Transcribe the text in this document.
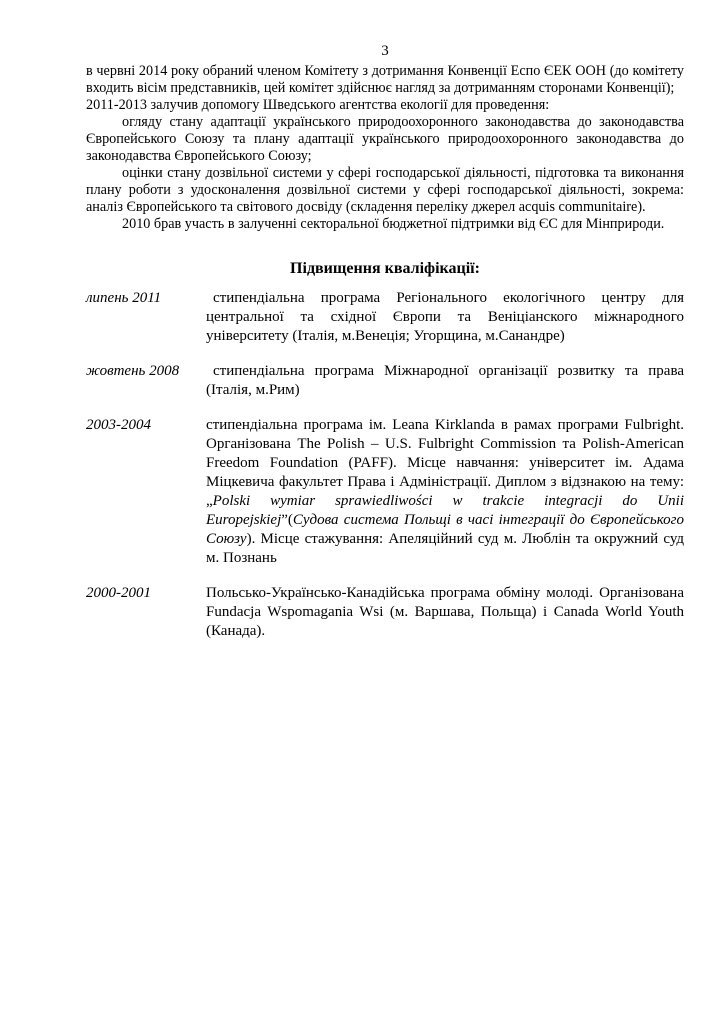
3

в червні 2014 року обраний членом Комітету з дотримання Конвенції Еспо ЄЕК ООН (до комітету входить вісім представників, цей комітет здійснює нагляд за дотриманням сторонами Конвенції);

2011-2013 залучив допомогу Шведського агентства екології для проведення:

огляду стану адаптації українського природоохоронного законодавства до законодавства Європейського Союзу та плану адаптації українського природоохоронного законодавства до законодавства Європейського Союзу;

оцінки стану дозвільної системи у сфері господарської діяльності, підготовка та виконання плану роботи з удосконалення дозвільної системи у сфері господарської діяльності, зокрема: аналіз Європейського та світового досвіду (складення переліку джерел acquis communitaire).

2010 брав участь в залученні секторальної бюджетної підтримки від ЄС для Мінприроди.

Підвищення кваліфікації:
липень 2011	стипендіальна програма Регіонального екологічного центру для центральної та східної Європи та Веніціанского міжнародного університету (Італія, м.Венеція; Угорщина, м.Санандре)
жовтень 2008	стипендіальна програма Міжнародної організації розвитку та права (Італія, м.Рим)
2003-2004	стипендіальна програма ім. Leana Kirklanda в рамах програми Fulbright. Організована The Polish – U.S. Fulbright Commission та Polish-American Freedom Foundation (PAFF). Місце навчання: університет ім. Адама Міцкевича факультет Права і Адміністрації. Диплом з відзнакою на тему: „Polski wymiar sprawiedliwości w trakcie integracji do Unii Europejskiej”(Судова система Польщі в часі інтеграції до Європейського Союзу). Місце стажування: Апеляційний суд м. Люблін та окружний суд м. Познань
2000-2001	Польсько-Українсько-Канадійська програма обміну молоді. Організована Fundacja Wspomagania Wsi (м. Варшава, Польща) і Canada World Youth (Канада).
